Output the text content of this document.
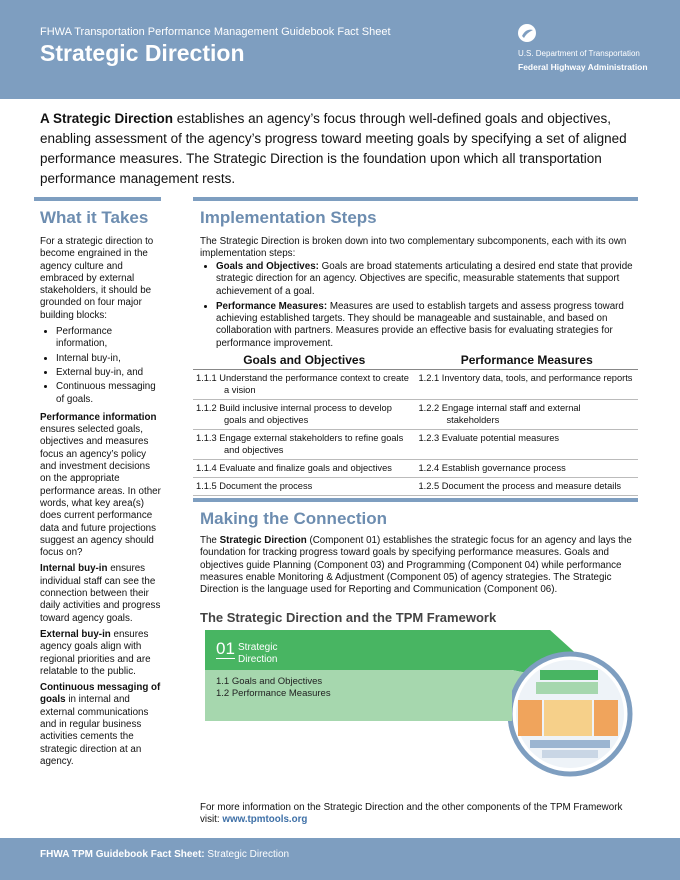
FHWA Transportation Performance Management Guidebook Fact Sheet
Strategic Direction	U.S. Department of Transportation
Federal Highway Administration
A Strategic Direction establishes an agency’s focus through well-defined goals and objectives, enabling assessment of the agency’s progress toward meeting goals by specifying a set of aligned performance measures. The Strategic Direction is the foundation upon which all transportation performance management rests.
What it Takes

For a strategic direction to become engrained in the agency culture and embraced by external stakeholders, it should be grounded on four major building blocks:

• Performance information,
• Internal buy-in,
• External buy-in, and
• Continuous messaging of goals.

Performance information ensures selected goals, objectives and measures focus an agency’s policy and investment decisions on the appropriate performance areas. In other words, what key area(s) does current performance data and future projections suggest an agency should focus on?

Internal buy-in ensures individual staff can see the connection between their daily activities and progress toward agency goals.

External buy-in ensures agency goals align with regional priorities and are relatable to the public.

Continuous messaging of goals in internal and external communications and in regular business activities cements the strategic direction at an agency.

Implementation Steps
The Strategic Direction is broken down into two complementary subcomponents, each with its own implementation steps:
• Goals and Objectives: Goals are broad statements articulating a desired end state that provide strategic direction for an agency. Objectives are specific, measurable statements that support achievement of a goal.
• Performance Measures: Measures are used to establish targets and assess progress toward achieving established targets. They should be manageable and sustainable, and based on collaboration with partners. Measures provide an effective basis for evaluating strategies for performance improvement.
Goals and Objectives	Performance Measures
1.1.1 Understand the performance context to create a vision	1.2.1 Inventory data, tools, and performance reports
1.1.2 Build inclusive internal process to develop goals and objectives	1.2.2 Engage internal staff and external stakeholders
1.1.3 Engage external stakeholders to refine goals and objectives	1.2.3 Evaluate potential measures
1.1.4 Evaluate and finalize goals and objectives	1.2.4 Establish governance process
1.1.5 Document the process	1.2.5 Document the process and measure details
Making the Connection
The Strategic Direction (Component 01) establishes the strategic focus for an agency and lays the foundation for tracking progress toward goals by specifying performance measures. Goals and objectives guide Planning (Component 03) and Programming (Component 04) while performance measures enable Monitoring & Adjustment (Component 05) of agency strategies. The Strategic Direction is the language used for Reporting and Communication (Component 06).
The Strategic Direction and the TPM Framework
01 Strategic Direction
1.1 Goals and Objectives
1.2 Performance Measures
For more information on the Strategic Direction and the other components of the TPM Framework visit: www.tpmtools.org
FHWA TPM Guidebook Fact Sheet: Strategic Direction
